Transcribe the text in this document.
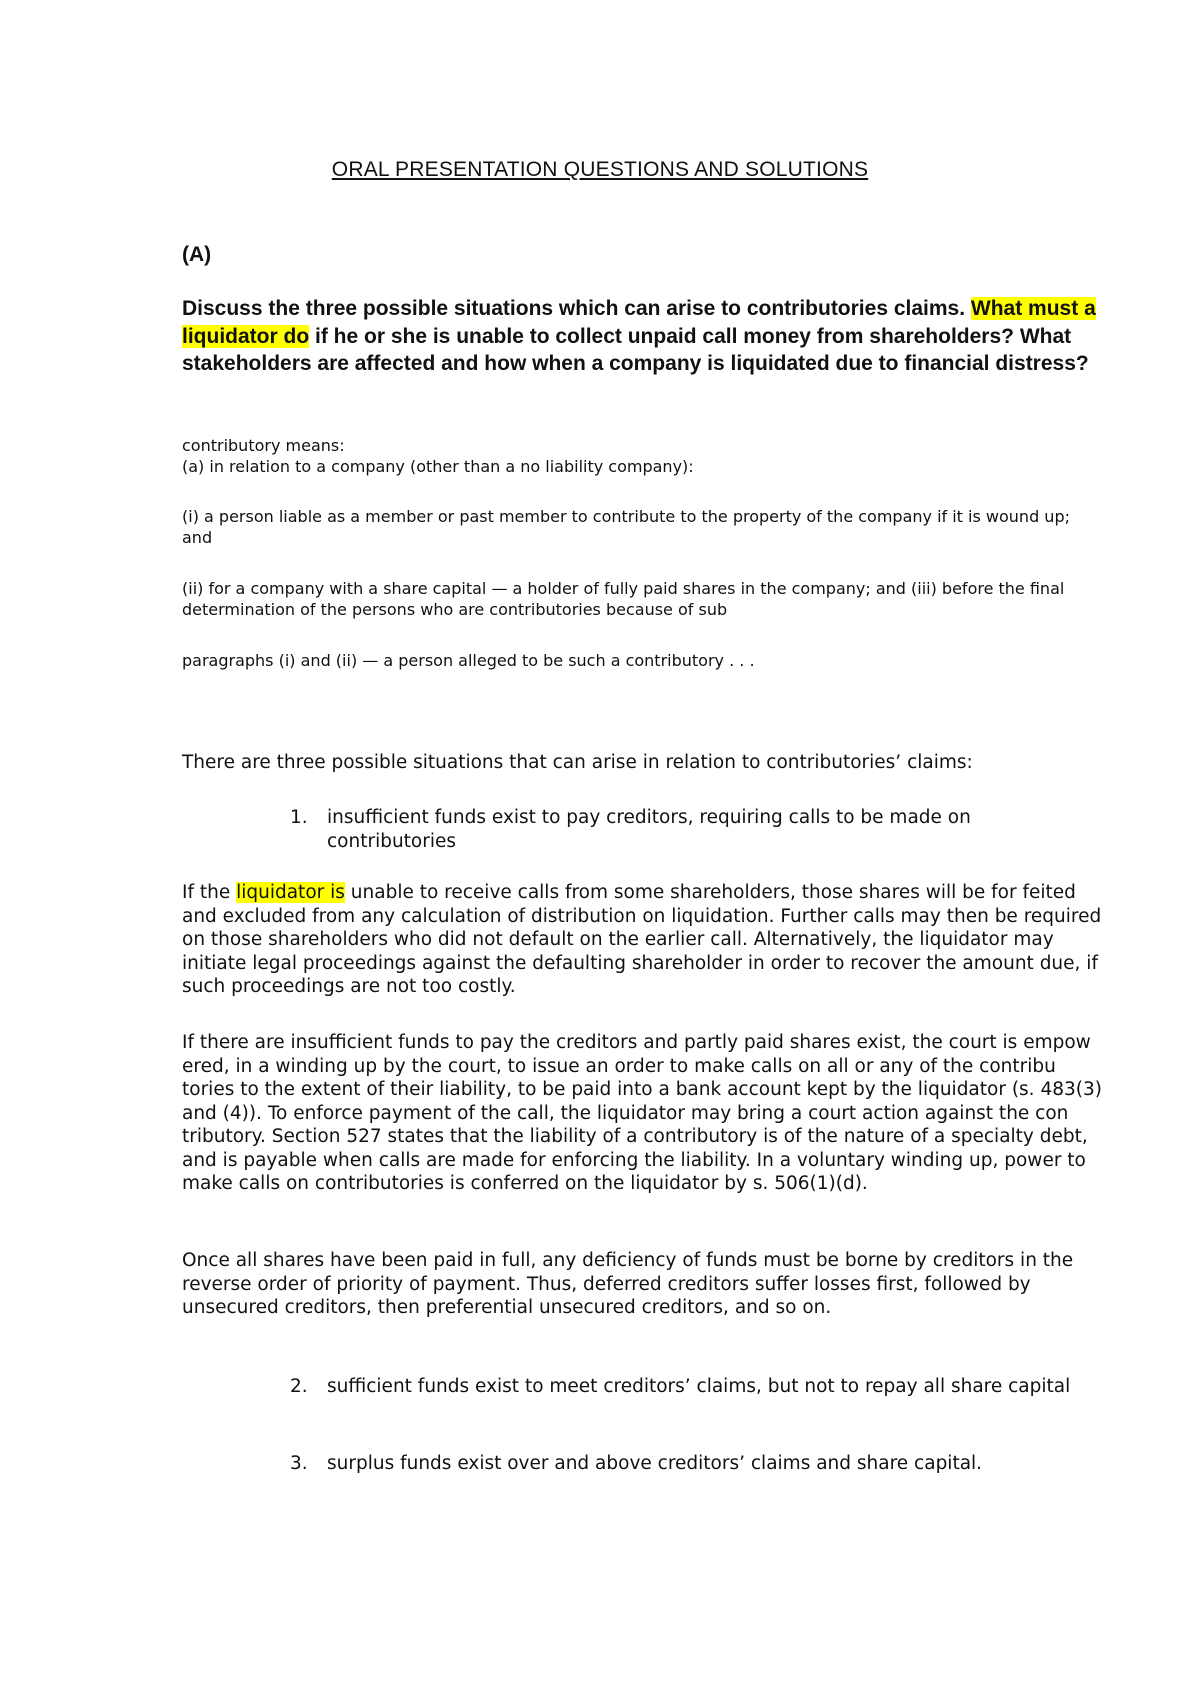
ORAL PRESENTATION QUESTIONS AND SOLUTIONS
(A)
Discuss the three possible situations which can arise to contributories claims. What must a liquidator do if he or she is unable to collect unpaid call money from shareholders? What stakeholders are affected and how when a company is liquidated due to financial distress?
contributory means:
(a) in relation to a company (other than a no liability company):
(i) a person liable as a member or past member to contribute to the property of the company if it is wound up; and
(ii) for a company with a share capital — a holder of fully paid shares in the company; and (iii) before the final determination of the persons who are contributories because of sub
paragraphs (i) and (ii) — a person alleged to be such a contributory . . .
There are three possible situations that can arise in relation to contributories’ claims:
1. insufficient funds exist to pay creditors, requiring calls to be made on contributories
If the liquidator is unable to receive calls from some shareholders, those shares will be for feited and excluded from any calculation of distribution on liquidation. Further calls may then be required on those shareholders who did not default on the earlier call. Alternatively, the liquidator may initiate legal proceedings against the defaulting shareholder in order to recover the amount due, if such proceedings are not too costly.
If there are insufficient funds to pay the creditors and partly paid shares exist, the court is empow ered, in a winding up by the court, to issue an order to make calls on all or any of the contribu tories to the extent of their liability, to be paid into a bank account kept by the liquidator (s. 483(3) and (4)). To enforce payment of the call, the liquidator may bring a court action against the con tributory. Section 527 states that the liability of a contributory is of the nature of a specialty debt, and is payable when calls are made for enforcing the liability. In a voluntary winding up, power to make calls on contributories is conferred on the liquidator by s. 506(1)(d).
Once all shares have been paid in full, any deficiency of funds must be borne by creditors in the reverse order of priority of payment. Thus, deferred creditors suffer losses first, followed by unsecured creditors, then preferential unsecured creditors, and so on.
2. sufficient funds exist to meet creditors’ claims, but not to repay all share capital
3. surplus funds exist over and above creditors’ claims and share capital.
